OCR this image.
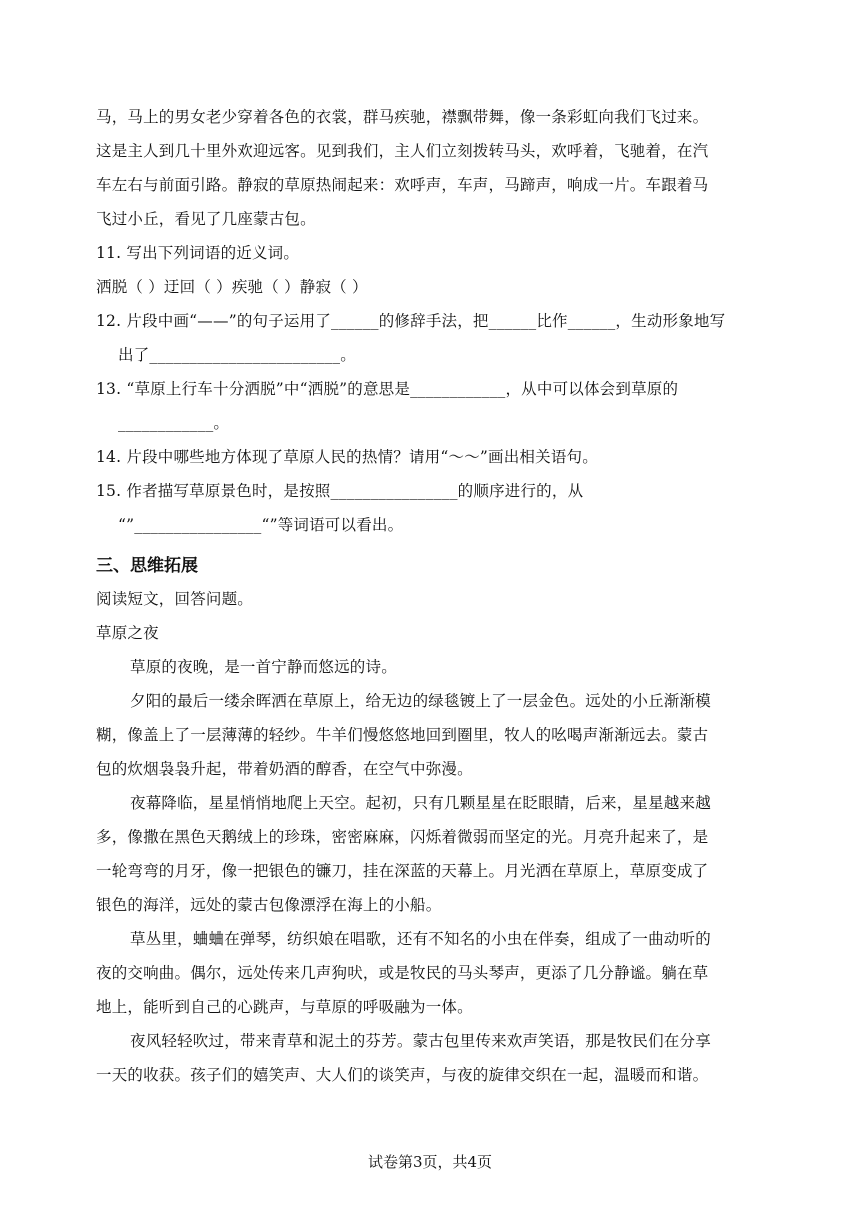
马，马上的男女老少穿着各色的衣裳，群马疾驰，襟飘带舞，像一条彩虹向我们飞过来。
这是主人到几十里外欢迎远客。见到我们，主人们立刻拨转马头，欢呼着，飞驰着，在汽
车左右与前面引路。静寂的草原热闹起来：欢呼声，车声，马蹄声，响成一片。车跟着马
飞过小丘，看见了几座蒙古包。
11. 写出下列词语的近义词。
洒脱（ ）迂回（ ）疾驰（ ）静寂（ ）
12. 片段中画“——”的句子运用了______的修辞手法，把______比作______，生动形象地写
出了________________________。
13. “草原上行车十分洒脱”中“洒脱”的意思是____________，从中可以体会到草原的
____________。
14. 片段中哪些地方体现了草原人民的热情？请用“～～”画出相关语句。
15. 作者描写草原景色时，是按照________________的顺序进行的，从
“”________________“”等词语可以看出。
三、思维拓展
阅读短文，回答问题。
草原之夜
草原的夜晚，是一首宁静而悠远的诗。
夕阳的最后一缕余晖洒在草原上，给无边的绿毯镀上了一层金色。远处的小丘渐渐模
糊，像盖上了一层薄薄的轻纱。牛羊们慢悠悠地回到圈里，牧人的吆喝声渐渐远去。蒙古
包的炊烟袅袅升起，带着奶酒的醇香，在空气中弥漫。
夜幕降临，星星悄悄地爬上天空。起初，只有几颗星星在眨眼睛，后来，星星越来越
多，像撒在黑色天鹅绒上的珍珠，密密麻麻，闪烁着微弱而坚定的光。月亮升起来了，是
一轮弯弯的月牙，像一把银色的镰刀，挂在深蓝的天幕上。月光洒在草原上，草原变成了
银色的海洋，远处的蒙古包像漂浮在海上的小船。
草丛里，蛐蛐在弹琴，纺织娘在唱歌，还有不知名的小虫在伴奏，组成了一曲动听的
夜的交响曲。偶尔，远处传来几声狗吠，或是牧民的马头琴声，更添了几分静谧。躺在草
地上，能听到自己的心跳声，与草原的呼吸融为一体。
夜风轻轻吹过，带来青草和泥土的芬芳。蒙古包里传来欢声笑语，那是牧民们在分享
一天的收获。孩子们的嬉笑声、大人们的谈笑声，与夜的旋律交织在一起，温暖而和谐。
试卷第3页，共4页
